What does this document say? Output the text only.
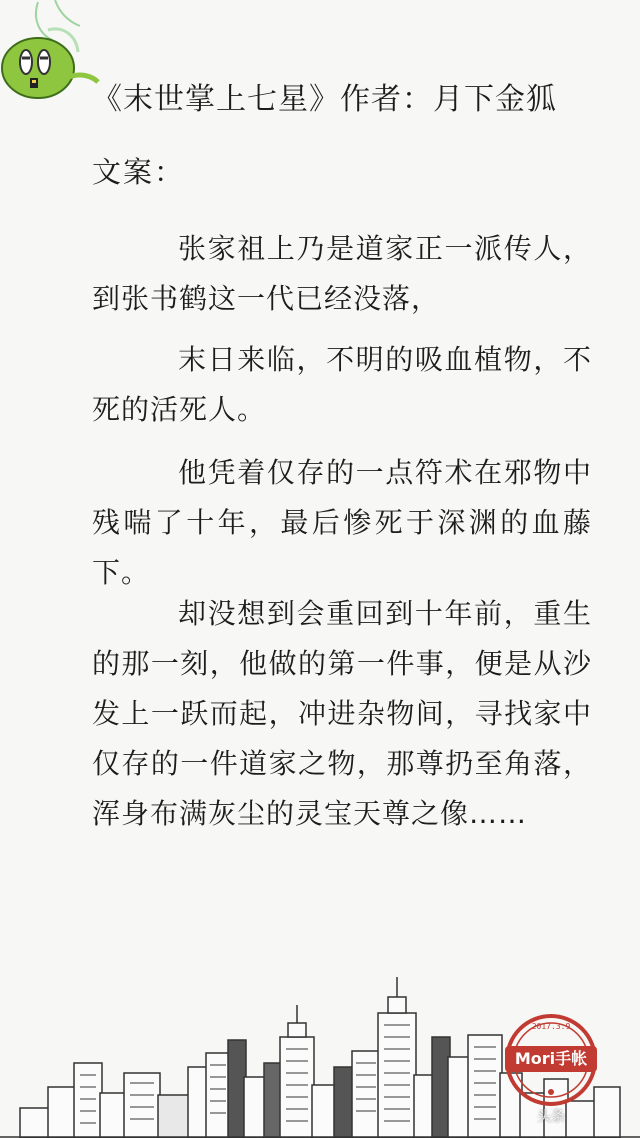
《末世掌上七星》作者：月下金狐

文案：

张家祖上乃是道家正一派传人，到张书鹤这一代已经没落，

末日来临，不明的吸血植物，不死的活死人。

他凭着仅存的一点符术在邪物中残喘了十年，最后惨死于深渊的血藤下。

却没想到会重回到十年前，重生的那一刻，他做的第一件事，便是从沙发上一跃而起，冲进杂物间，寻找家中仅存的一件道家之物，那尊扔至角落，浑身布满灰尘的灵宝天尊之像……

2017.3.9
Mori手帐
头条
